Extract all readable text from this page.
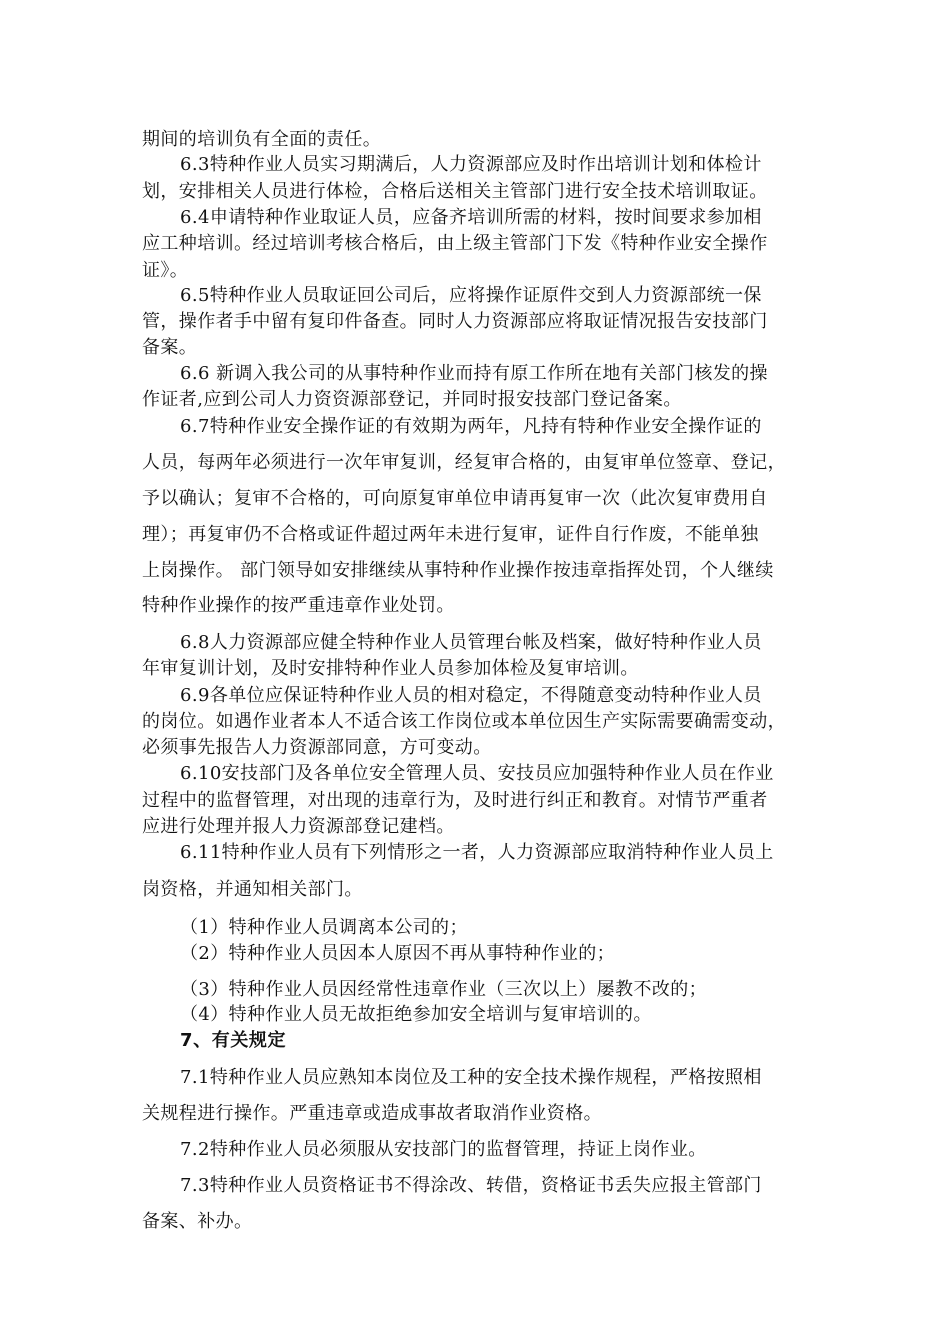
期间的培训负有全面的责任。
6.3特种作业人员实习期满后，人力资源部应及时作出培训计划和体检计
划，安排相关人员进行体检，合格后送相关主管部门进行安全技术培训取证。
6.4申请特种作业取证人员，应备齐培训所需的材料，按时间要求参加相
应工种培训。经过培训考核合格后，由上级主管部门下发《特种作业安全操作
证》。
6.5特种作业人员取证回公司后，应将操作证原件交到人力资源部统一保
管，操作者手中留有复印件备查。同时人力资源部应将取证情况报告安技部门
备案。
6.6 新调入我公司的从事特种作业而持有原工作所在地有关部门核发的操
作证者,应到公司人力资资源部登记，并同时报安技部门登记备案。
6.7特种作业安全操作证的有效期为两年，凡持有特种作业安全操作证的
人员，每两年必须进行一次年审复训，经复审合格的，由复审单位签章、登记，
予以确认；复审不合格的，可向原复审单位申请再复审一次（此次复审费用自
理）；再复审仍不合格或证件超过两年未进行复审，证件自行作废，不能单独
上岗操作。 部门领导如安排继续从事特种作业操作按违章指挥处罚，个人继续
特种作业操作的按严重违章作业处罚。
6.8人力资源部应健全特种作业人员管理台帐及档案，做好特种作业人员
年审复训计划，及时安排特种作业人员参加体检及复审培训。
6.9各单位应保证特种作业人员的相对稳定，不得随意变动特种作业人员
的岗位。如遇作业者本人不适合该工作岗位或本单位因生产实际需要确需变动，
必须事先报告人力资源部同意，方可变动。
6.10安技部门及各单位安全管理人员、安技员应加强特种作业人员在作业
过程中的监督管理，对出现的违章行为，及时进行纠正和教育。对情节严重者
应进行处理并报人力资源部登记建档。
6.11特种作业人员有下列情形之一者，人力资源部应取消特种作业人员上
岗资格，并通知相关部门。
（1）特种作业人员调离本公司的；
（2）特种作业人员因本人原因不再从事特种作业的；
（3）特种作业人员因经常性违章作业（三次以上）屡教不改的；
（4）特种作业人员无故拒绝参加安全培训与复审培训的。
7、有关规定
7.1特种作业人员应熟知本岗位及工种的安全技术操作规程，严格按照相
关规程进行操作。严重违章或造成事故者取消作业资格。
7.2特种作业人员必须服从安技部门的监督管理，持证上岗作业。
7.3特种作业人员资格证书不得涂改、转借，资格证书丢失应报主管部门
备案、补办。
